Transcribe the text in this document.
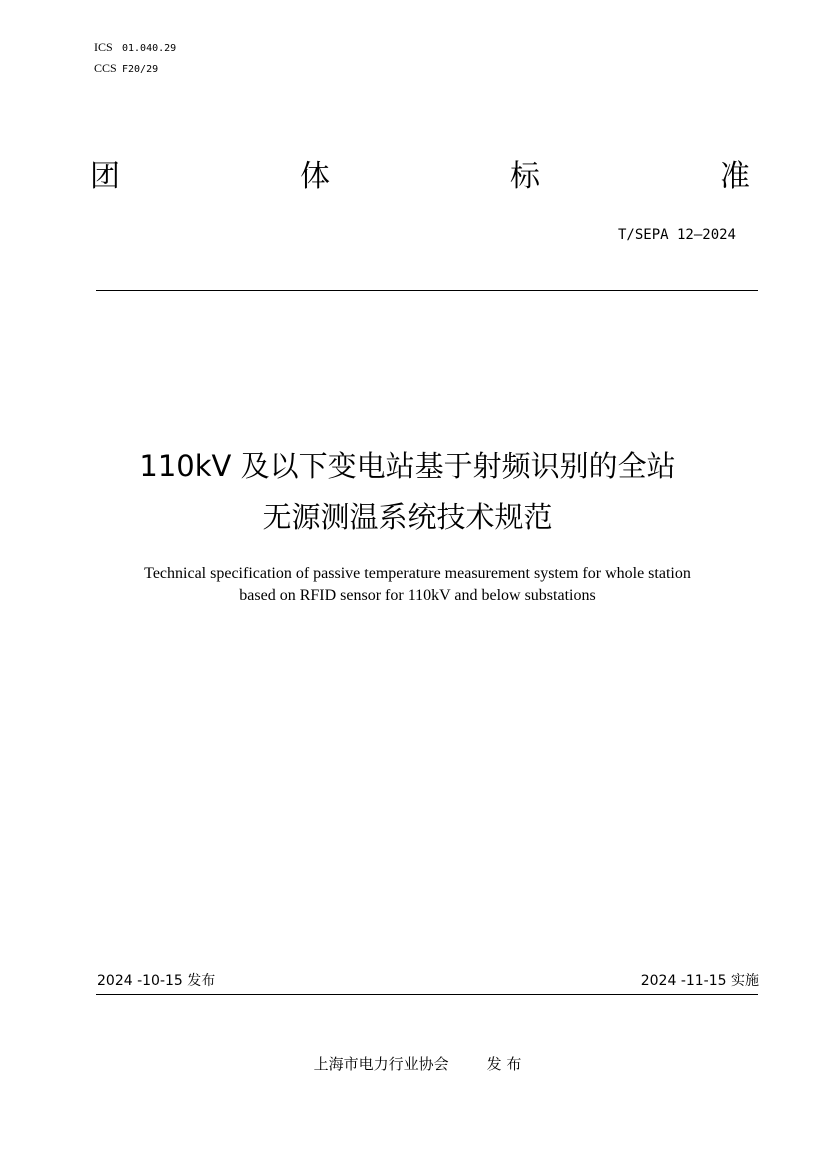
ICS 01.040.29
CCS F20/29
团	体	标	准
T/SEPA 12—2024
110kV 及以下变电站基于射频识别的全站
无源测温系统技术规范
Technical specification of passive temperature measurement system for whole station
based on RFID sensor for 110kV and below substations
2024 -10-15 发布	2024 -11-15 实施
上海市电力行业协会	发 布
